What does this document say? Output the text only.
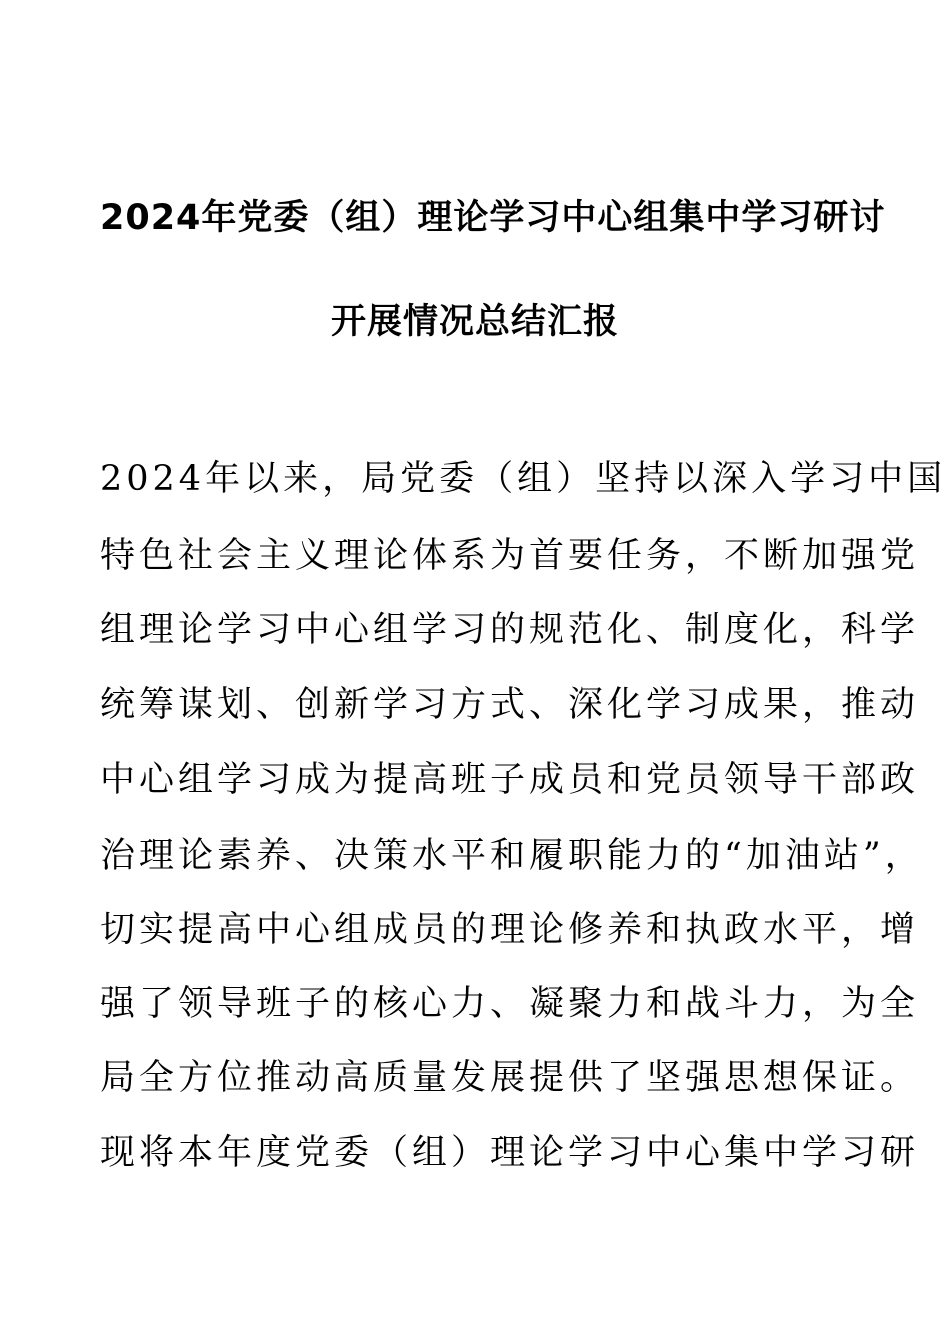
2024年党委（组）理论学习中心组集中学习研讨
开展情况总结汇报
2024年以来，局党委（组）坚持以深入学习中国
特色社会主义理论体系为首要任务，不断加强党
组理论学习中心组学习的规范化、制度化，科学
统筹谋划、创新学习方式、深化学习成果，推动
中心组学习成为提高班子成员和党员领导干部政
治理论素养、决策水平和履职能力的“加油站”，
切实提高中心组成员的理论修养和执政水平，增
强了领导班子的核心力、凝聚力和战斗力，为全
局全方位推动高质量发展提供了坚强思想保证。
现将本年度党委（组）理论学习中心集中学习研
